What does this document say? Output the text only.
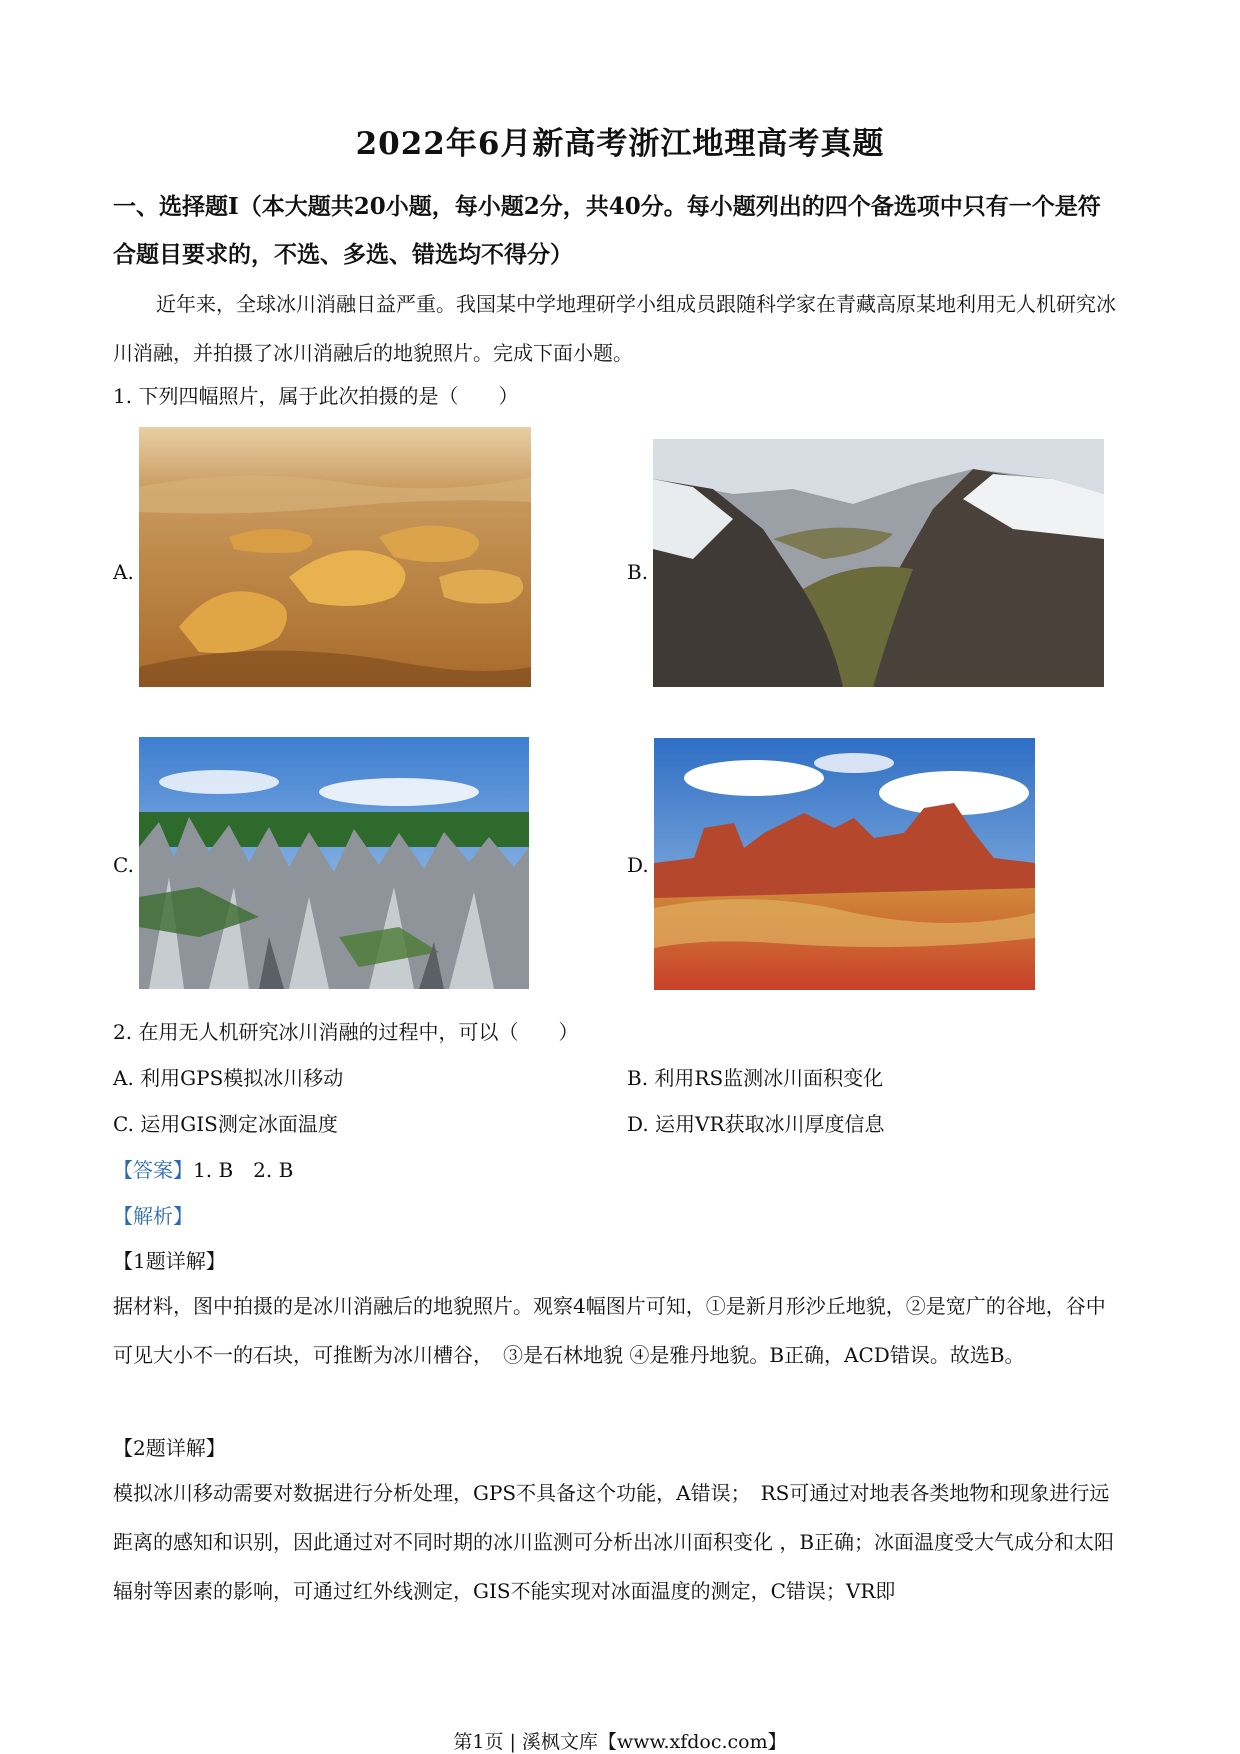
2022年6月新高考浙江地理高考真题
一、选择题Ⅰ（本大题共20小题，每小题2分，共40分。每小题列出的四个备选项中只有一个是符合题目要求的，不选、多选、错选均不得分）
近年来，全球冰川消融日益严重。我国某中学地理研学小组成员跟随科学家在青藏高原某地利用无人机研究冰川消融，并拍摄了冰川消融后的地貌照片。完成下面小题。
1. 下列四幅照片，属于此次拍摄的是（　　）
A.	B.
C.	D.
2. 在用无人机研究冰川消融的过程中，可以（　　）
A. 利用GPS模拟冰川移动	B. 利用RS监测冰川面积变化
C. 运用GIS测定冰面温度	D. 运用VR获取冰川厚度信息
【答案】1. B　2. B
【解析】
【1题详解】
据材料，图中拍摄的是冰川消融后的地貌照片。观察4幅图片可知，①是新月形沙丘地貌，②是宽广的谷地，谷中可见大小不一的石块，可推断为冰川槽谷，　③是石林地貌 ④是雅丹地貌。B正确，ACD错误。故选B。
【2题详解】
模拟冰川移动需要对数据进行分析处理，GPS不具备这个功能，A错误；　RS可通过对地表各类地物和现象进行远距离的感知和识别，因此通过对不同时期的冰川监测可分析出冰川面积变化 ，B正确；冰面温度受大气成分和太阳辐射等因素的影响，可通过红外线测定，GIS不能实现对冰面温度的测定，C错误；VR即
第1页 | 溪枫文库【www.xfdoc.com】
